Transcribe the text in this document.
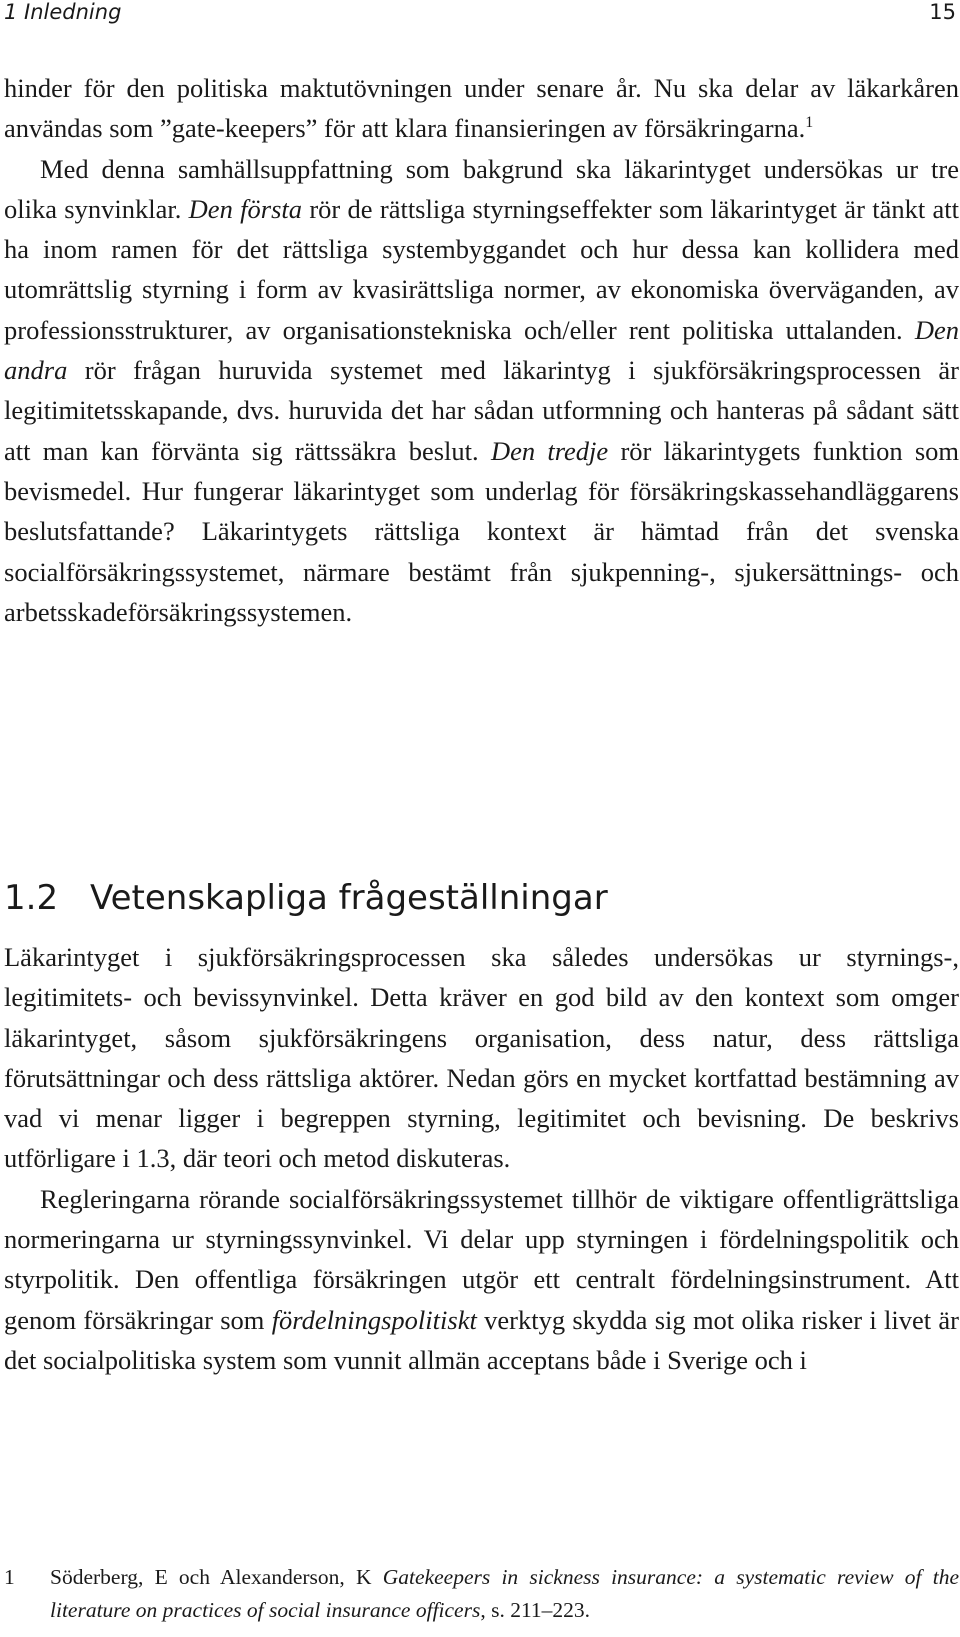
1 Inledning	15

hinder för den politiska maktutövningen under senare år. Nu ska delar av läkarkåren användas som ”gate-keepers” för att klara finansieringen av försäkringarna.$^1$

Med denna samhällsuppfattning som bakgrund ska läkarintyget undersökas ur tre olika synvinklar. Den första rör de rättsliga styrningseffekter som läkarintyget är tänkt att ha inom ramen för det rättsliga systembyggandet och hur dessa kan kollidera med utomrättslig styrning i form av kvasirättsliga normer, av ekonomiska överväganden, av professionsstrukturer, av organisationstekniska och/eller rent politiska uttalanden. Den andra rör frågan huruvida systemet med läkarintyg i sjukförsäkringsprocessen är legitimitetsskapande, dvs. huruvida det har sådan utformning och hanteras på sådant sätt att man kan förvänta sig rättssäkra beslut. Den tredje rör läkarintygets funktion som bevismedel. Hur fungerar läkarintyget som underlag för försäkringskassehandläggarens beslutsfattande? Läkarintygets rättsliga kontext är hämtad från det svenska socialförsäkringssystemet, närmare bestämt från sjukpenning-, sjukersättnings- och arbetsskadeförsäkringssystemen.

1.2 Vetenskapliga frågeställningar

Läkarintyget i sjukförsäkringsprocessen ska således undersökas ur styrnings-, legitimitets- och bevissynvinkel. Detta kräver en god bild av den kontext som omger läkarintyget, såsom sjukförsäkringens organisation, dess natur, dess rättsliga förutsättningar och dess rättsliga aktörer. Nedan görs en mycket kortfattad bestämning av vad vi menar ligger i begreppen styrning, legitimitet och bevisning. De beskrivs utförligare i 1.3, där teori och metod diskuteras.

Regleringarna rörande socialförsäkringssystemet tillhör de viktigare offentligrättsliga normeringarna ur styrningssynvinkel. Vi delar upp styrningen i fördelningspolitik och styrpolitik. Den offentliga försäkringen utgör ett centralt fördelningsinstrument. Att genom försäkringar som fördelningspolitiskt verktyg skydda sig mot olika risker i livet är det socialpolitiska system som vunnit allmän acceptans både i Sverige och i

1 Söderberg, E och Alexanderson, K Gatekeepers in sickness insurance: a systematic review of the literature on practices of social insurance officers, s. 211–223.
